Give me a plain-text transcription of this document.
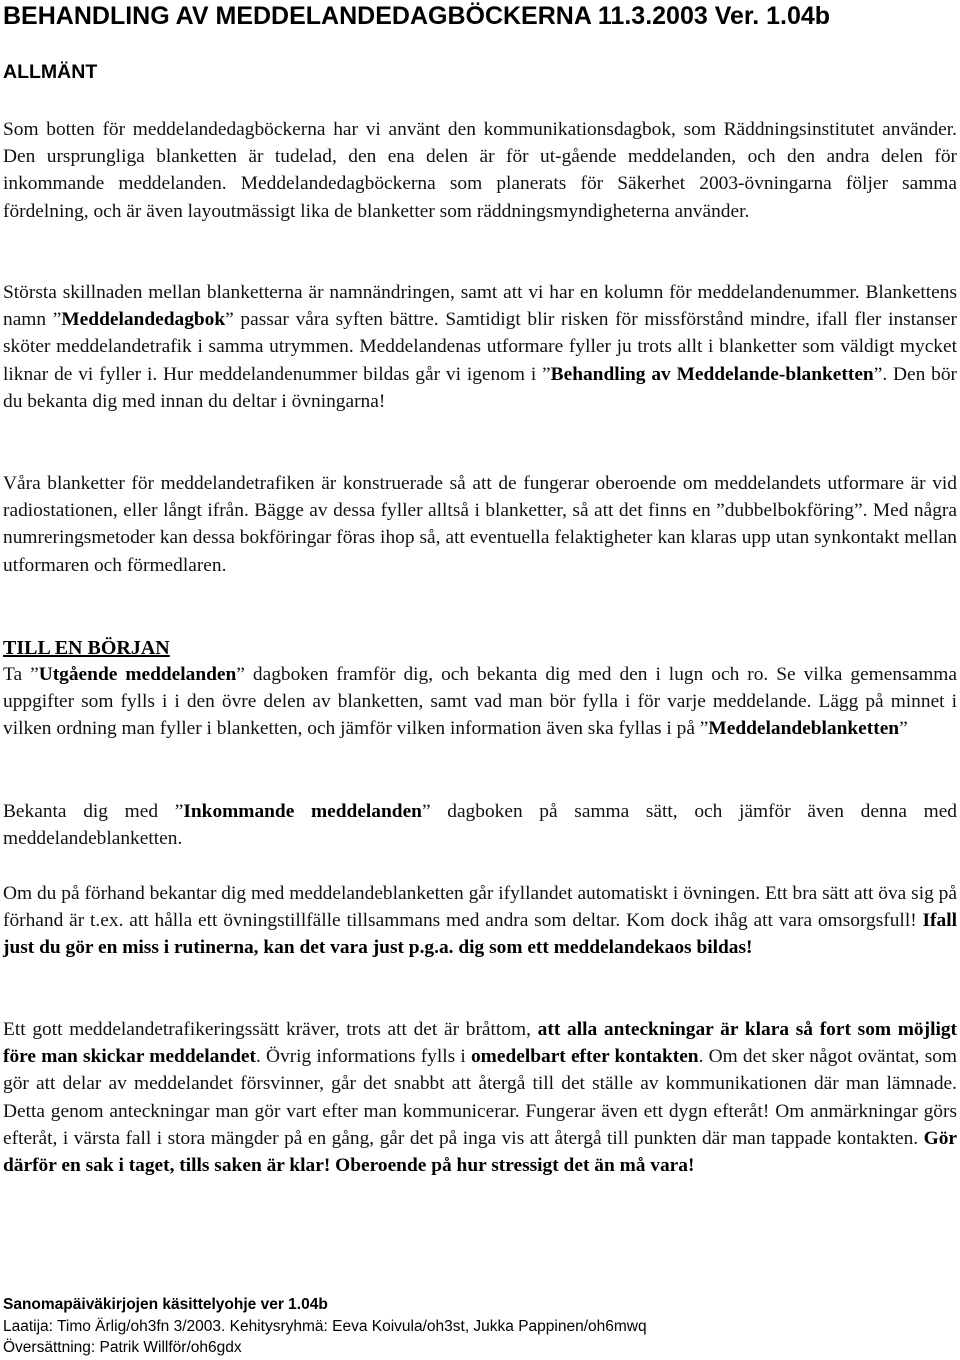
BEHANDLING AV MEDDELANDEDAGBÖCKERNA 11.3.2003 Ver. 1.04b
ALLMÄNT

Som botten för meddelandedagböckerna har vi använt den kommunikationsdagbok, som Räddningsinstitutet använder. Den ursprungliga blanketten är tudelad, den ena delen är för ut-gående meddelanden, och den andra delen för inkommande meddelanden. Meddelandedagböckerna som planerats för Säkerhet 2003-övningarna följer samma fördelning, och är även layoutmässigt lika de blanketter som räddningsmyndigheterna använder.

Största skillnaden mellan blanketterna är namnändringen, samt att vi har en kolumn för meddelandenummer. Blankettens namn ”Meddelandedagbok” passar våra syften bättre. Samtidigt blir risken för missförstånd mindre, ifall fler instanser sköter meddelandetrafik i samma utrymmen. Meddelandenas utformare fyller ju trots allt i blanketter som väldigt mycket liknar de vi fyller i. Hur meddelandenummer bildas går vi igenom i ”Behandling av Meddelande-blanketten”. Den bör du bekanta dig med innan du deltar i övningarna!

Våra blanketter för meddelandetrafiken är konstruerade så att de fungerar oberoende om meddelandets utformare är vid radiostationen, eller långt ifrån. Bägge av dessa fyller alltså i blanketter, så att det finns en ”dubbelbokföring”. Med några numreringsmetoder kan dessa bokföringar föras ihop så, att eventuella felaktigheter kan klaras upp utan synkontakt mellan utformaren och förmedlaren.

TILL EN BÖRJAN

Ta ”Utgående meddelanden” dagboken framför dig, och bekanta dig med den i lugn och ro. Se vilka gemensamma uppgifter som fylls i i den övre delen av blanketten, samt vad man bör fylla i för varje meddelande. Lägg på minnet i vilken ordning man fyller i blanketten, och jämför vilken information även ska fyllas i på ”Meddelandeblanketten”

Bekanta dig med ”Inkommande meddelanden” dagboken på samma sätt, och jämför även denna med meddelandeblanketten.

Om du på förhand bekantar dig med meddelandeblanketten går ifyllandet automatiskt i övningen. Ett bra sätt att öva sig på förhand är t.ex. att hålla ett övningstillfälle tillsammans med andra som deltar. Kom dock ihåg att vara omsorgsfull! Ifall just du gör en miss i rutinerna, kan det vara just p.g.a. dig som ett meddelandekaos bildas!

Ett gott meddelandetrafikeringssätt kräver, trots att det är bråttom, att alla anteckningar är klara så fort som möjligt före man skickar meddelandet. Övrig informations fylls i omedelbart efter kontakten. Om det sker något oväntat, som gör att delar av meddelandet försvinner, går det snabbt att återgå till det ställe av kommunikationen där man lämnade. Detta genom anteckningar man gör vart efter man kommunicerar. Fungerar även ett dygn efteråt! Om anmärkningar görs efteråt, i värsta fall i stora mängder på en gång, går det på inga vis att återgå till punkten där man tappade kontakten. Gör därför en sak i taget, tills saken är klar! Oberoende på hur stressigt det än må vara!

Sanomapäiväkirjojen käsittelyohje ver 1.04b
Laatija: Timo Ärlig/oh3fn 3/2003. Kehitysryhmä: Eeva Koivula/oh3st, Jukka Pappinen/oh6mwq
Översättning: Patrik Willför/oh6gdx
